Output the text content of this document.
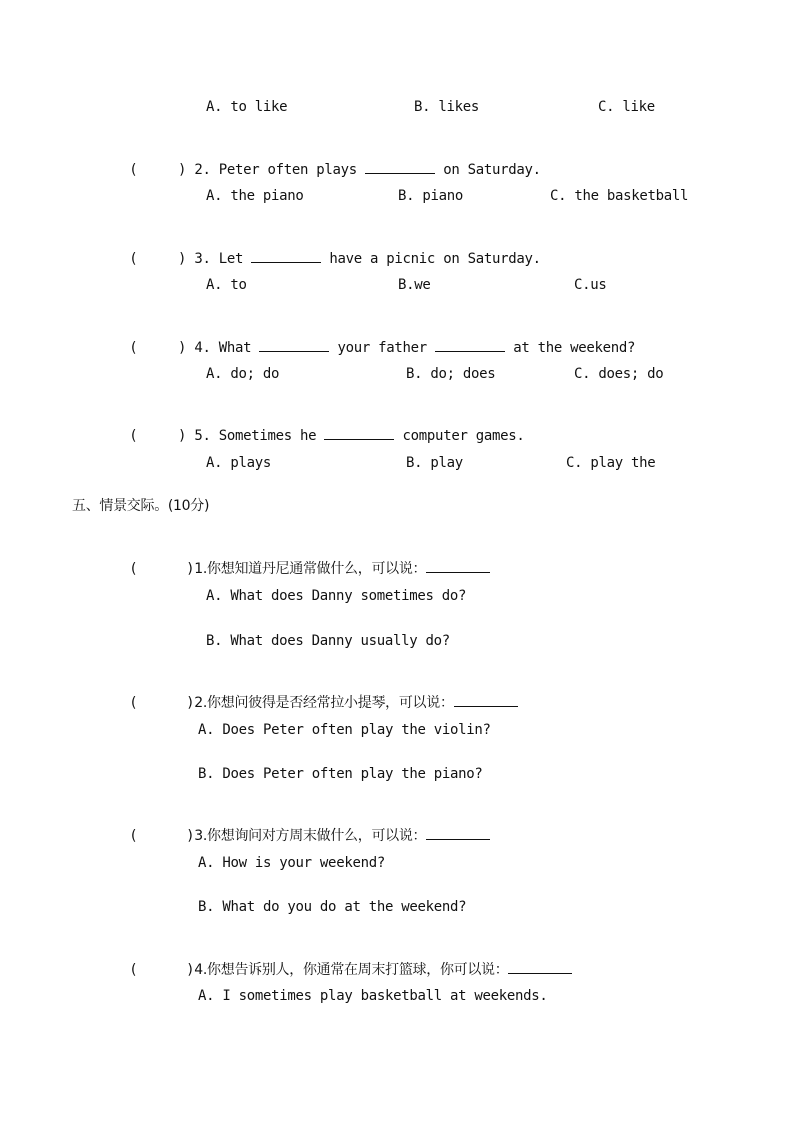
A. to like	B. likes	C. like

(     ) 2. Peter often plays	on Saturday.

A. the piano	B. piano	C. the basketball

(     ) 3. Let	have a picnic on Saturday.

A. to	B.we	C.us

(     ) 4. What	your father	at the weekend?

A. do; do	B. do; does	C. does; do

(     ) 5. Sometimes he	computer games.

A. plays	B. play	C. play the
五、情景交际。(10分)

(      )1.你想知道丹尼通常做什么，可以说：

A. What does Danny sometimes do?
B. What does Danny usually do?

(      )2.你想问彼得是否经常拉小提琴，可以说：

A. Does Peter often play the violin?
B. Does Peter often play the piano?

(      )3.你想询问对方周末做什么，可以说：

A. How is your weekend?
B. What do you do at the weekend?

(      )4.你想告诉别人，你通常在周末打篮球，你可以说：

A. I sometimes play basketball at weekends.
